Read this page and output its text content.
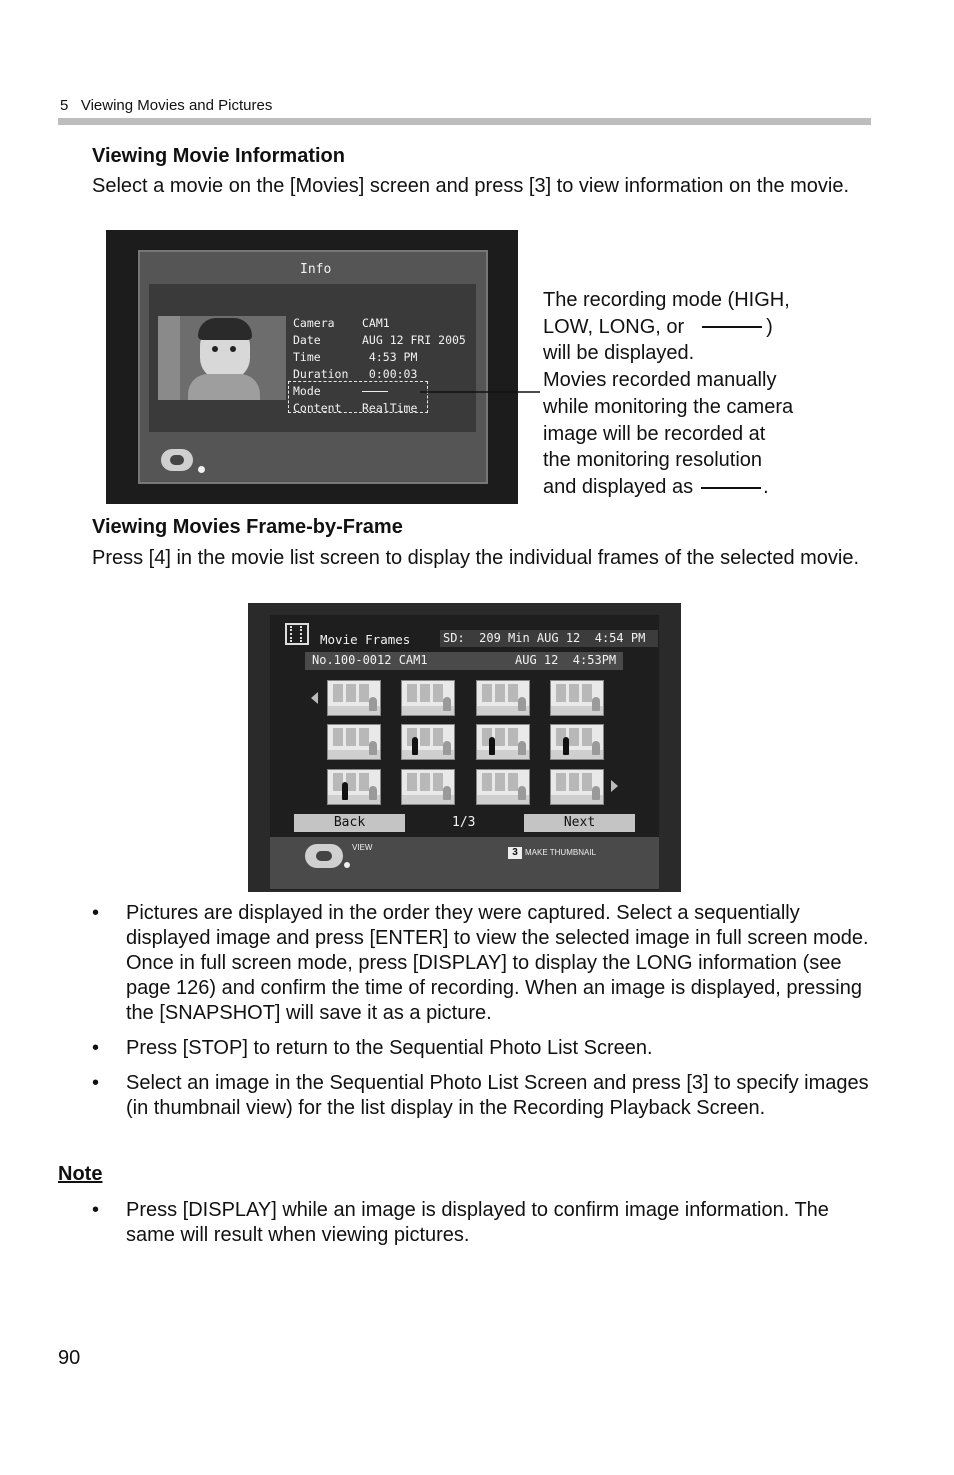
5   Viewing Movies and Pictures
Viewing Movie Information
Select a movie on the [Movies] screen and press [3] to view information on the movie.
Info
Camera CAM1
Date	AUG 12 FRI 2005
Time	4:53 PM
Duration 0:00:03
Mode
Content RealTime
The recording mode (HIGH,
LOW, LONG, or	)
will be displayed.
Movies recorded manually
while monitoring the camera
image will be recorded at
the monitoring resolution
and displayed as	.
Viewing Movies Frame-by-Frame
Press [4] in the movie list screen to display the individual frames of the selected movie.
Movie Frames	SD:  209 Min AUG 12  4:54 PM
No.100-0012 CAM1	AUG 12  4:53PM
Back	1/3	Next
VIEW	3 MAKE THUMBNAIL
• Pictures are displayed in the order they were captured. Select a sequentially displayed image and press [ENTER] to view the selected image in full screen mode. Once in full screen mode, press [DISPLAY] to display the LONG information (see page 126) and confirm the time of recording. When an image is displayed, pressing the [SNAPSHOT] will save it as a picture.
• Press [STOP] to return to the Sequential Photo List Screen.
• Select an image in the Sequential Photo List Screen and press [3] to specify images (in thumbnail view) for the list display in the Recording Playback Screen.
Note
• Press [DISPLAY] while an image is displayed to confirm image information. The same will result when viewing pictures.
90
